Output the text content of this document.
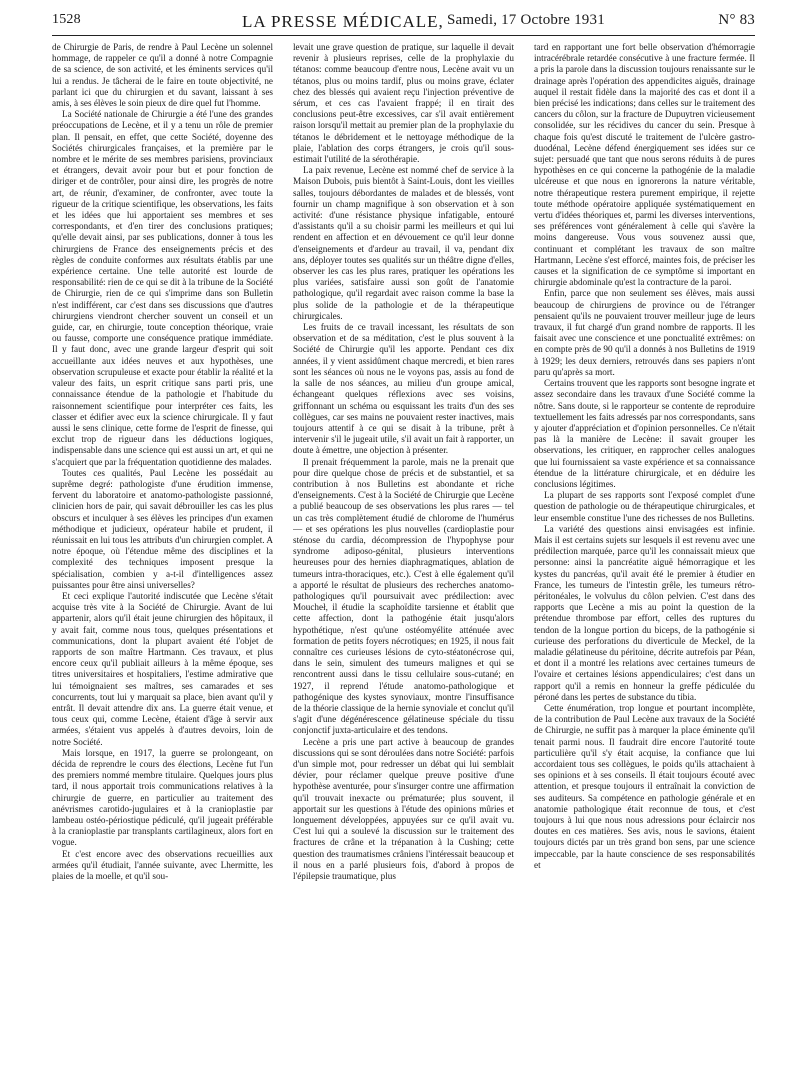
1528	LA PRESSE MÉDICALE, Samedi, 17 Octobre 1931	N° 83

de Chirurgie de Paris, de rendre à Paul Lecène un solennel hommage, de rappeler ce qu'il a donné à notre Compagnie de sa science, de son activité, et les éminents services qu'il lui a rendus. Je tâcherai de le faire en toute objectivité, ne parlant ici que du chirurgien et du savant, laissant à ses amis, à ses élèves le soin pieux de dire quel fut l'homme.

La Société nationale de Chirurgie a été l'une des grandes préoccupations de Lecène, et il y a tenu un rôle de premier plan. Il pensait, en effet, que cette Société, doyenne des Sociétés chirurgicales françaises, et la première par le nombre et le mérite de ses membres parisiens, provinciaux et étrangers, devait avoir pour but et pour fonction de diriger et de contrôler, pour ainsi dire, les progrès de notre art, de réunir, d'examiner, de confronter, avec toute la rigueur de la critique scientifique, les observations, les faits et les idées que lui apportaient ses membres et ses correspondants, et d'en tirer des conclusions pratiques; qu'elle devait ainsi, par ses publications, donner à tous les chirurgiens de France des enseignements précis et des règles de conduite conformes aux résultats établis par une expérience certaine. Une telle autorité est lourde de responsabilité: rien de ce qui se dit à la tribune de la Société de Chirurgie, rien de ce qui s'imprime dans son Bulletin n'est indifférent, car c'est dans ses discussions que d'autres chirurgiens viendront chercher souvent un conseil et un guide, car, en chirurgie, toute conception théorique, vraie ou fausse, comporte une conséquence pratique immédiate. Il y faut donc, avec une grande largeur d'esprit qui soit accueillante aux idées neuves et aux hypothèses, une observation scrupuleuse et exacte pour établir la réalité et la valeur des faits, un esprit critique sans parti pris, une connaissance étendue de la pathologie et l'habitude du raisonnement scientifique pour interpréter ces faits, les classer et édifier avec eux la science chirurgicale. Il y faut aussi le sens clinique, cette forme de l'esprit de finesse, qui exclut trop de rigueur dans les déductions logiques, indispensable dans une science qui est aussi un art, et qui ne s'acquiert que par la fréquentation quotidienne des malades.

Toutes ces qualités, Paul Lecène les possédait au suprême degré: pathologiste d'une érudition immense, fervent du laboratoire et anatomo-pathologiste passionné, clinicien hors de pair, qui savait débrouiller les cas les plus obscurs et inculquer à ses élèves les principes d'un examen méthodique et judicieux, opérateur habile et prudent, il réunissait en lui tous les attributs d'un chirurgien complet. A notre époque, où l'étendue même des disciplines et la complexité des techniques imposent presque la spécialisation, combien y a-t-il d'intelligences assez puissantes pour être ainsi universelles?

Et ceci explique l'autorité indiscutée que Lecène s'était acquise très vite à la Société de Chirurgie. Avant de lui appartenir, alors qu'il était jeune chirurgien des hôpitaux, il y avait fait, comme nous tous, quelques présentations et communications, dont la plupart avaient été l'objet de rapports de son maître Hartmann. Ces travaux, et plus encore ceux qu'il publiait ailleurs à la même époque, ses titres universitaires et hospitaliers, l'estime admirative que lui témoignaient ses maîtres, ses camarades et ses concurrents, tout lui y marquait sa place, bien avant qu'il y entrât. Il devait attendre dix ans. La guerre était venue, et tous ceux qui, comme Lecène, étaient d'âge à servir aux armées, s'étaient vus appelés à d'autres devoirs, loin de notre Société.

Mais lorsque, en 1917, la guerre se prolongeant, on décida de reprendre le cours des élections, Lecène fut l'un des premiers nommé membre titulaire. Quelques jours plus tard, il nous apportait trois communications relatives à la chirurgie de guerre, en particulier au traitement des anévrismes carotido-jugulaires et à la cranioplastie par lambeau ostéo-périostique pédiculé, qu'il jugeait préférable à la cranioplastie par transplants cartilagineux, alors fort en vogue.

Et c'est encore avec des observations recueillies aux armées qu'il étudiait, l'année suivante, avec Lhermitte, les plaies de la moelle, et qu'il sou-

levait une grave question de pratique, sur laquelle il devait revenir à plusieurs reprises, celle de la prophylaxie du tétanos: comme beaucoup d'entre nous, Lecène avait vu un tétanos, plus ou moins tardif, plus ou moins grave, éclater chez des blessés qui avaient reçu l'injection préventive de sérum, et ces cas l'avaient frappé; il en tirait des conclusions peut-être excessives, car s'il avait entièrement raison lorsqu'il mettait au premier plan de la prophylaxie du tétanos le débridement et le nettoyage méthodique de la plaie, l'ablation des corps étrangers, je crois qu'il sous-estimait l'utilité de la sérothérapie.

La paix revenue, Lecène est nommé chef de service à la Maison Dubois, puis bientôt à Saint-Louis, dont les vieilles salles, toujours débordantes de malades et de blessés, vont fournir un champ magnifique à son observation et à son activité: d'une résistance physique infatigable, entouré d'assistants qu'il a su choisir parmi les meilleurs et qui lui rendent en affection et en dévouement ce qu'il leur donne d'enseignements et d'ardeur au travail, il va, pendant dix ans, déployer toutes ses qualités sur un théâtre digne d'elles, observer les cas les plus rares, pratiquer les opérations les plus variées, satisfaire aussi son goût de l'anatomie pathologique, qu'il regardait avec raison comme la base la plus solide de la pathologie et de la thérapeutique chirurgicales.

Les fruits de ce travail incessant, les résultats de son observation et de sa méditation, c'est le plus souvent à la Société de Chirurgie qu'il les apporte. Pendant ces dix années, il y vient assidûment chaque mercredi, et bien rares sont les séances où nous ne le voyons pas, assis au fond de la salle de nos séances, au milieu d'un groupe amical, échangeant quelques réflexions avec ses voisins, griffonnant un schéma ou esquissant les traits d'un des ses collègues, car ses mains ne pouvaient rester inactives, mais toujours attentif à ce qui se disait à la tribune, prêt à intervenir s'il le jugeait utile, s'il avait un fait à rapporter, un doute à émettre, une objection à présenter.

Il prenait fréquemment la parole, mais ne la prenait que pour dire quelque chose de précis et de substantiel, et sa contribution à nos Bulletins est abondante et riche d'enseignements. C'est à la Société de Chirurgie que Lecène a publié beaucoup de ses observations les plus rares — tel un cas très complètement étudié de chlorome de l'humérus — et ses opérations les plus nouvelles (cardioplastie pour sténose du cardia, décompression de l'hypophyse pour syndrome adiposo-génital, plusieurs interventions heureuses pour des hernies diaphragmatiques, ablation de tumeurs intra-thoraciques, etc.). C'est à elle également qu'il a apporté le résultat de plusieurs des recherches anatomo-pathologiques qu'il poursuivait avec prédilection: avec Moucheł, il étudie la scaphoïdite tarsienne et établit que cette affection, dont la pathogénie était jusqu'alors hypothétique, n'est qu'une ostéomyélite atténuée avec formation de petits foyers nécrotiques; en 1925, il nous fait connaître ces curieuses lésions de cyto-stéatonécrose qui, dans le sein, simulent des tumeurs malignes et qui se rencontrent aussi dans le tissu cellulaire sous-cutané; en 1927, il reprend l'étude anatomo-pathologique et pathogénique des kystes synoviaux, montre l'insuffisance de la théorie classique de la hernie synoviale et conclut qu'il s'agit d'une dégénérescence gélatineuse spéciale du tissu conjonctif juxta-articulaire et des tendons.

Lecène a pris une part active à beaucoup de grandes discussions qui se sont déroulées dans notre Société: parfois d'un simple mot, pour redresser un débat qui lui semblait dévier, pour réclamer quelque preuve positive d'une hypothèse aventurée, pour s'insurger contre une affirmation qu'il trouvait inexacte ou prématurée; plus souvent, il apportait sur les questions à l'étude des opinions mûries et longuement développées, appuyées sur ce qu'il avait vu. C'est lui qui a soulevé la discussion sur le traitement des fractures de crâne et la trépanation à la Cushing; cette question des traumatismes crâniens l'intéressait beaucoup et il nous en a parlé plusieurs fois, d'abord à propos de l'épilepsie traumatique, plus

tard en rapportant une fort belle observation d'hémorragie intracérébrale retardée consécutive à une fracture fermée. Il a pris la parole dans la discussion toujours renaissante sur le drainage après l'opération des appendicites aiguës, drainage auquel il restait fidèle dans la majorité des cas et dont il a bien précisé les indications; dans celles sur le traitement des cancers du côlon, sur la fracture de Dupuytren vicieusement consolidée, sur les récidives du cancer du sein. Presque à chaque fois qu'est discuté le traitement de l'ulcère gastro-duodénal, Lecène défend énergiquement ses idées sur ce sujet: persuadé que tant que nous serons réduits à de pures hypothèses en ce qui concerne la pathogénie de la maladie ulcéreuse et que nous en ignorerons la nature véritable, notre thérapeutique restera purement empirique, il rejette toute méthode opératoire appliquée systématiquement en vertu d'idées théoriques et, parmi les diverses interventions, ses préférences vont généralement à celle qui s'avère la moins dangereuse. Vous vous souvenez aussi que, continuant et complétant les travaux de son maître Hartmann, Lecène s'est efforcé, maintes fois, de préciser les causes et la signification de ce symptôme si important en chirurgie abdominale qu'est la contracture de la paroi.

Enfin, parce que non seulement ses élèves, mais aussi beaucoup de chirurgiens de province ou de l'étranger pensaient qu'ils ne pouvaient trouver meilleur juge de leurs travaux, il fut chargé d'un grand nombre de rapports. Il les faisait avec une conscience et une ponctualité extrêmes: on en compte près de 90 qu'il a donnés à nos Bulletins de 1919 à 1929; les deux derniers, retrouvés dans ses papiers n'ont paru qu'après sa mort.

Certains trouvent que les rapports sont besogne ingrate et assez secondaire dans les travaux d'une Société comme la nôtre. Sans doute, si le rapporteur se contente de reproduire textuellement les faits adressés par nos correspondants, sans y ajouter d'appréciation et d'opinion personnelles. Ce n'était pas là la manière de Lecène: il savait grouper les observations, les critiquer, en rapprocher celles analogues que lui fournissaient sa vaste expérience et sa connaissance étendue de la littérature chirurgicale, et en déduire les conclusions légitimes.

La plupart de ses rapports sont l'exposé complet d'une question de pathologie ou de thérapeutique chirurgicales, et leur ensemble constitue l'une des richesses de nos Bulletins.

La variété des questions ainsi envisagées est infinie. Mais il est certains sujets sur lesquels il est revenu avec une prédilection marquée, parce qu'il les connaissait mieux que personne: ainsi la pancréatite aiguë hémorragique et les kystes du pancréas, qu'il avait été le premier à étudier en France, les tumeurs de l'intestin grêle, les tumeurs rétro-péritonéales, le volvulus du côlon pelvien. C'est dans des rapports que Lecène a mis au point la question de la prétendue thrombose par effort, celles des ruptures du tendon de la longue portion du biceps, de la pathogénie si curieuse des perforations du diverticule de Meckel, de la maladie gélatineuse du péritoine, décrite autrefois par Péan, et dont il a montré les relations avec certaines tumeurs de l'ovaire et certaines lésions appendiculaires; c'est dans un rapport qu'il a remis en honneur la greffe pédiculée du péroné dans les pertes de substance du tibia.

Cette énumération, trop longue et pourtant incomplète, de la contribution de Paul Lecène aux travaux de la Société de Chirurgie, ne suffit pas à marquer la place éminente qu'il tenait parmi nous. Il faudrait dire encore l'autorité toute particulière qu'il s'y était acquise, la confiance que lui accordaient tous ses collègues, le poids qu'ils attachaient à ses opinions et à ses conseils. Il était toujours écouté avec attention, et presque toujours il entraînait la conviction de ses auditeurs. Sa compétence en pathologie générale et en anatomie pathologique était reconnue de tous, et c'est toujours à lui que nous nous adressions pour éclaircir nos doutes en ces matières. Ses avis, nous le savions, étaient toujours dictés par un très grand bon sens, par une science impeccable, par la haute conscience de ses responsabilités et
